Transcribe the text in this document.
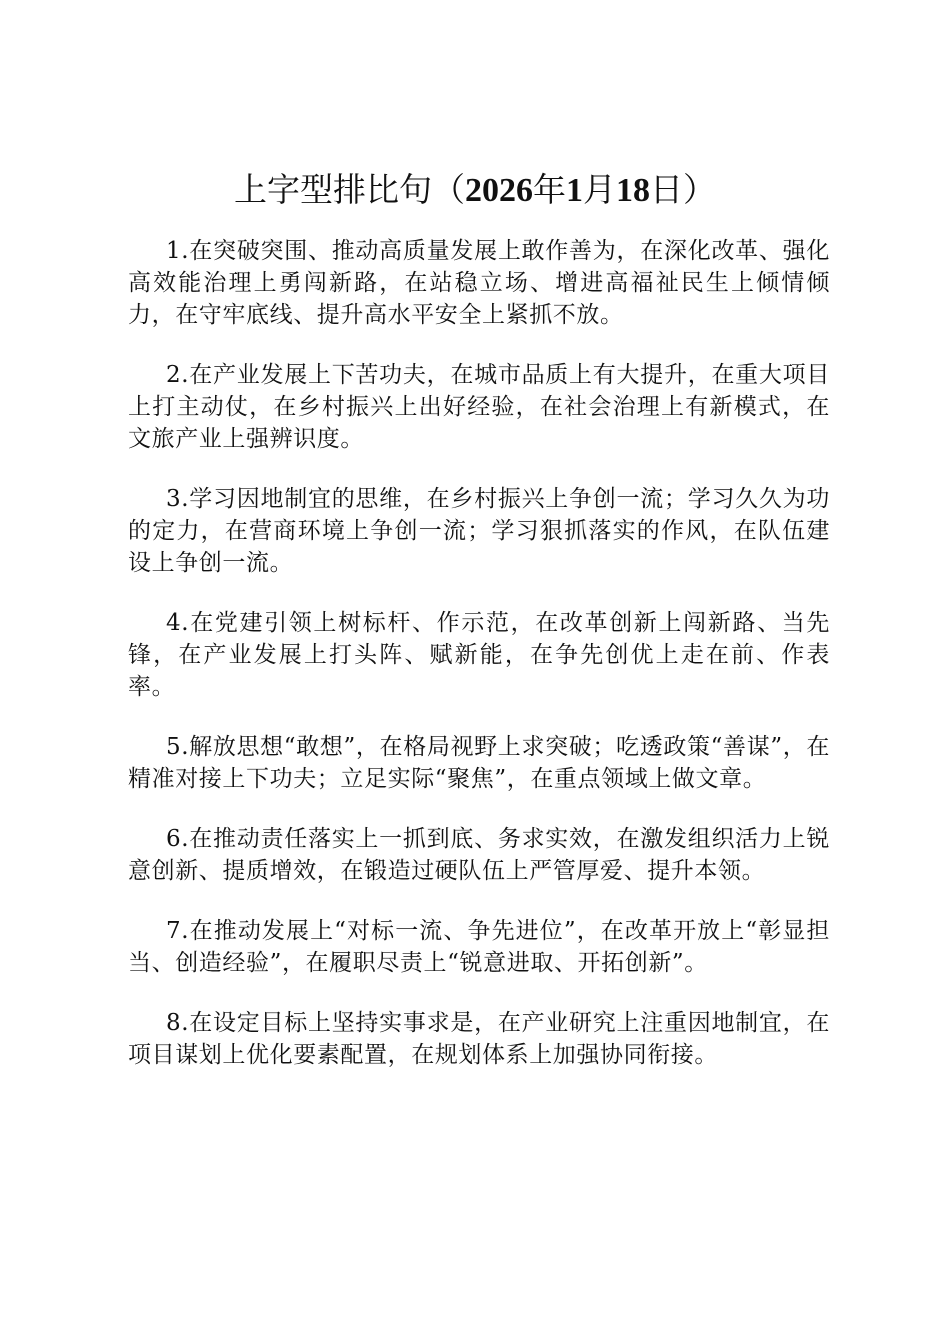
上字型排比句（2026年1月18日）

1.在突破突围、推动高质量发展上敢作善为，在深化改革、强化高效能治理上勇闯新路，在站稳立场、增进高福祉民生上倾情倾力，在守牢底线、提升高水平安全上紧抓不放。

2.在产业发展上下苦功夫，在城市品质上有大提升，在重大项目上打主动仗，在乡村振兴上出好经验，在社会治理上有新模式，在文旅产业上强辨识度。

3.学习因地制宜的思维，在乡村振兴上争创一流；学习久久为功的定力，在营商环境上争创一流；学习狠抓落实的作风，在队伍建设上争创一流。

4.在党建引领上树标杆、作示范，在改革创新上闯新路、当先锋，在产业发展上打头阵、赋新能，在争先创优上走在前、作表率。

5.解放思想“敢想”，在格局视野上求突破；吃透政策“善谋”，在精准对接上下功夫；立足实际“聚焦”，在重点领域上做文章。

6.在推动责任落实上一抓到底、务求实效，在激发组织活力上锐意创新、提质增效，在锻造过硬队伍上严管厚爱、提升本领。

7.在推动发展上“对标一流、争先进位”，在改革开放上“彰显担当、创造经验”，在履职尽责上“锐意进取、开拓创新”。

8.在设定目标上坚持实事求是，在产业研究上注重因地制宜，在项目谋划上优化要素配置，在规划体系上加强协同衔接。
